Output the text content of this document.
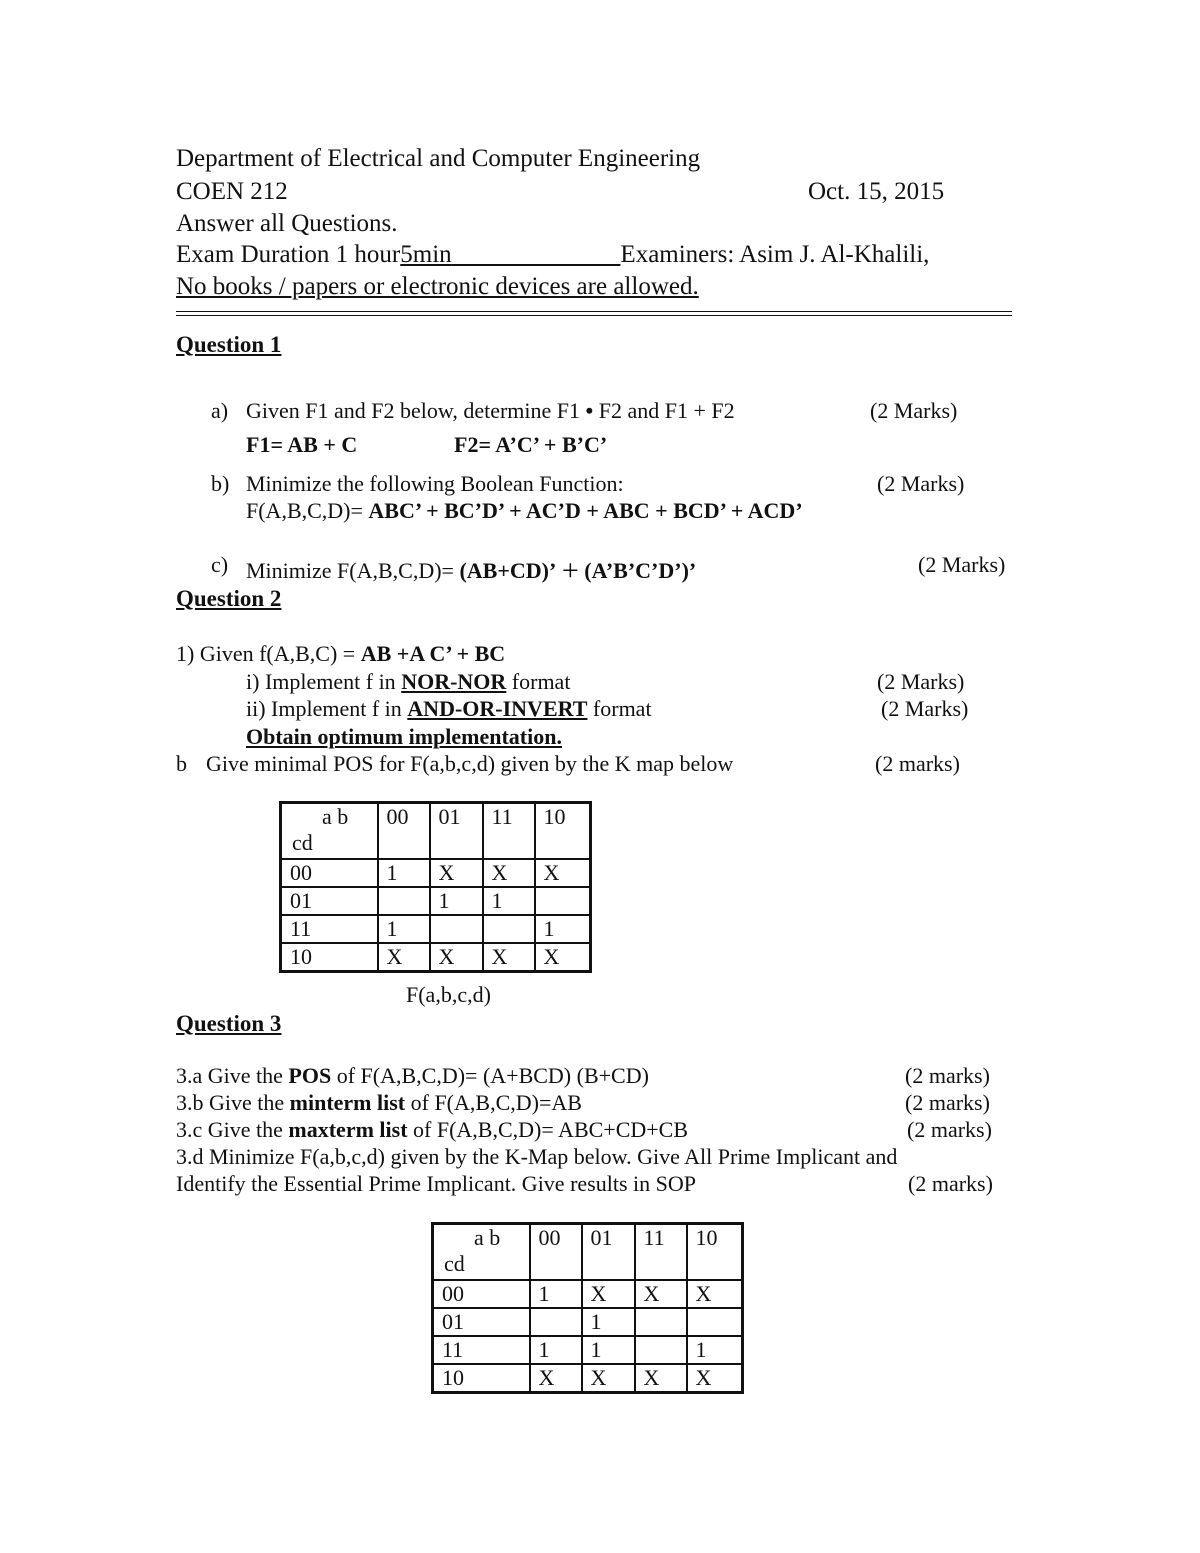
Department of Electrical and Computer Engineering
COEN 212	Oct. 15, 2015
Answer all Questions.
Exam Duration 1 hour5min	Examiners: Asim J. Al-Khalili,
No books / papers or electronic devices are allowed.
Question 1
a) Given F1 and F2 below, determine F1 • F2 and F1 + F2	(2 Marks)
F1= AB + C	F2= A’C’ + B’C’
b) Minimize the following Boolean Function:	(2 Marks)
F(A,B,C,D)= ABC’ + BC’D’ + AC’D + ABC + BCD’ + ACD’
c) Minimize F(A,B,C,D)= (AB+CD)’ + (A’B’C’D’)’	(2 Marks)
Question 2
1) Given f(A,B,C) = AB +A C’ + BC
i) Implement f in NOR-NOR format	(2 Marks)
ii) Implement f in AND-OR-INVERT format	(2 Marks)
Obtain optimum implementation.
b Give minimal POS for F(a,b,c,d) given by the K map below	(2 marks)
a b
cd	00	01	11	10
00	1	X	X	X
01		1	1	
11	1			1
10	X	X	X	X
F(a,b,c,d)
Question 3
3.a Give the POS of F(A,B,C,D)= (A+BCD) (B+CD)	(2 marks)
3.b Give the minterm list of F(A,B,C,D)=AB	(2 marks)
3.c Give the maxterm list of F(A,B,C,D)= ABC+CD+CB	(2 marks)
3.d Minimize F(a,b,c,d) given by the K-Map below. Give All Prime Implicant and
Identify the Essential Prime Implicant. Give results in SOP	(2 marks)
a b
cd	00	01	11	10
00	1	X	X	X
01		1		
11	1	1		1
10	X	X	X	X
